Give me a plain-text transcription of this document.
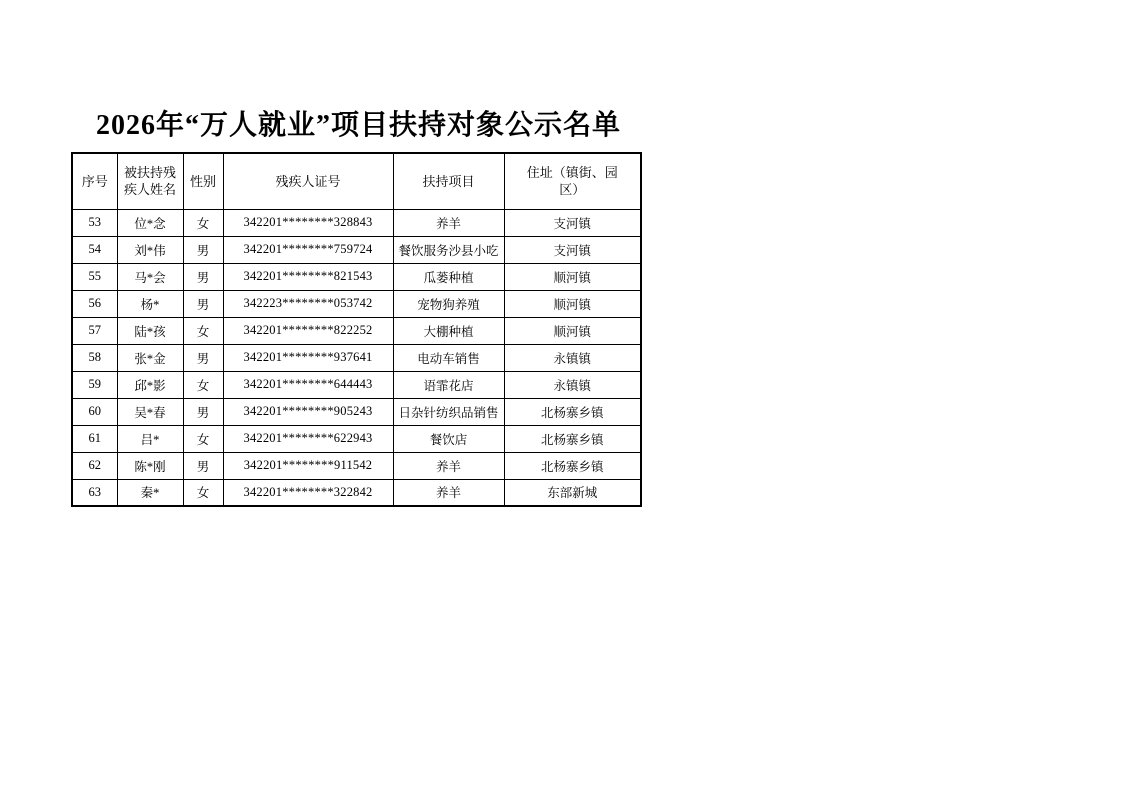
2026年“万人就业”项目扶持对象公示名单
序号	被扶持残疾人姓名	性别	残疾人证号	扶持项目	住址（镇街、园区）
53	位*念	女	342201********328843	养羊	支河镇
54	刘*伟	男	342201********759724	餐饮服务沙县小吃	支河镇
55	马*会	男	342201********821543	瓜蒌种植	顺河镇
56	杨*	男	342223********053742	宠物狗养殖	顺河镇
57	陆*孩	女	342201********822252	大棚种植	顺河镇
58	张*金	男	342201********937641	电动车销售	永镇镇
59	邱*影	女	342201********644443	语霏花店	永镇镇
60	吴*春	男	342201********905243	日杂针纺织品销售	北杨寨乡镇
61	吕*	女	342201********622943	餐饮店	北杨寨乡镇
62	陈*刚	男	342201********911542	养羊	北杨寨乡镇
63	秦*	女	342201********322842	养羊	东部新城
